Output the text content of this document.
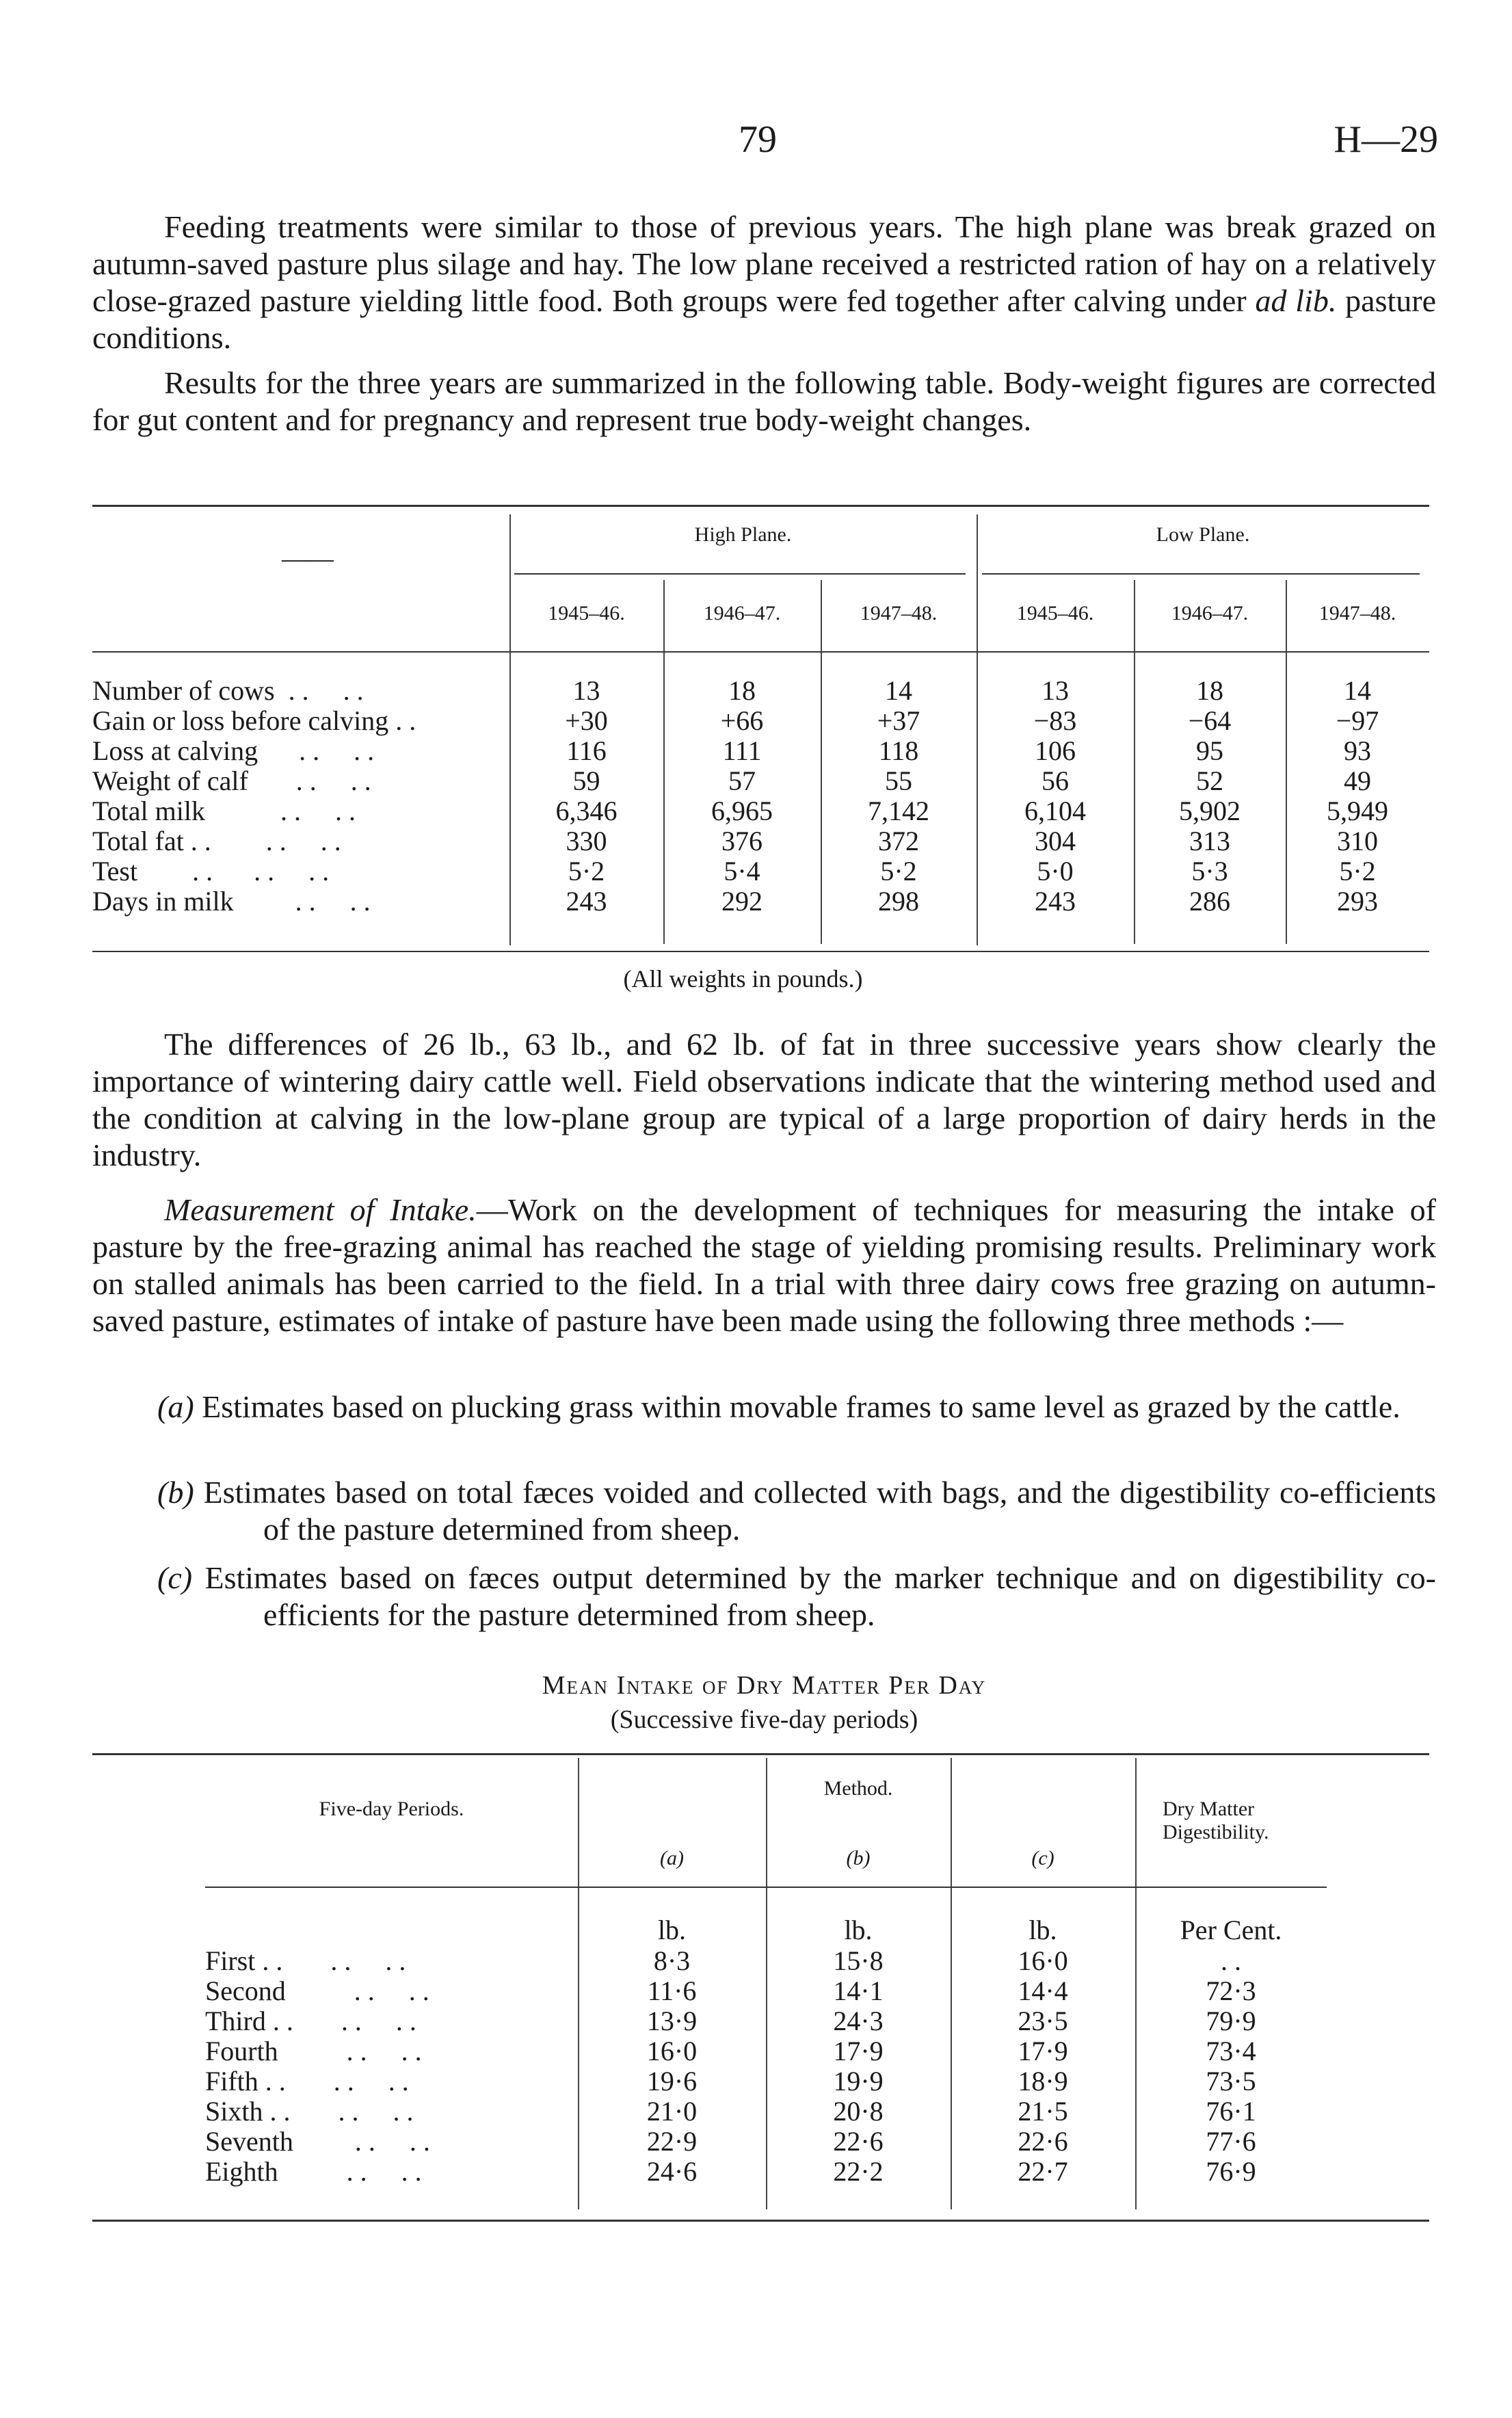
79	H—29

Feeding treatments were similar to those of previous years. The high plane was break grazed on autumn-saved pasture plus silage and hay. The low plane received a restricted ration of hay on a relatively close-grazed pasture yielding little food. Both groups were fed together after calving under ad lib. pasture conditions.

Results for the three years are summarized in the following table. Body-weight figures are corrected for gut content and for pregnancy and represent true body-weight changes.

——
High Plane.	Low Plane.
1945–46.	1946–47.	1947–48.	1945–46.	1946–47.	1947–48.
Number of cows  . .     . .	13	18	14	13	18	14
Gain or loss before calving . .	+30	+66	+37	−83	−64	−97
Loss at calving      . .     . .	116	111	118	106	95	93
Weight of calf       . .     . .	59	57	55	56	52	49
Total milk           . .     . .	6,346	6,965	7,142	6,104	5,902	5,949
Total fat . .        . .     . .	330	376	372	304	313	310
Test        . .      . .     . .	5·2	5·4	5·2	5·0	5·3	5·2
Days in milk         . .     . .	243	292	298	243	286	293
(All weights in pounds.)

The differences of 26 lb., 63 lb., and 62 lb. of fat in three successive years show clearly the importance of wintering dairy cattle well. Field observations indicate that the wintering method used and the condition at calving in the low-plane group are typical of a large proportion of dairy herds in the industry.

Measurement of Intake.—Work on the development of techniques for measuring the intake of pasture by the free-grazing animal has reached the stage of yielding promising results. Preliminary work on stalled animals has been carried to the field. In a trial with three dairy cows free grazing on autumn-saved pasture, estimates of intake of pasture have been made using the following three methods :—

(a) Estimates based on plucking grass within movable frames to same level as grazed by the cattle.
(b) Estimates based on total fæces voided and collected with bags, and the digestibility co-efficients of the pasture determined from sheep.
(c) Estimates based on fæces output determined by the marker technique and on digestibility co-efficients for the pasture determined from sheep.
Mean Intake of Dry Matter Per Day
(Successive five-day periods)
Five-day Periods.
Method.
(a)	(b)	(c)
Dry Matter
Digestibility.
lb.	lb.	lb.	Per Cent.
First . .       . .     . .	8·3	15·8	16·0	. .
Second          . .     . .	11·6	14·1	14·4	72·3
Third . .       . .     . .	13·9	24·3	23·5	79·9
Fourth          . .     . .	16·0	17·9	17·9	73·4
Fifth . .       . .     . .	19·6	19·9	18·9	73·5
Sixth . .       . .     . .	21·0	20·8	21·5	76·1
Seventh         . .     . .	22·9	22·6	22·6	77·6
Eighth          . .     . .	24·6	22·2	22·7	76·9
